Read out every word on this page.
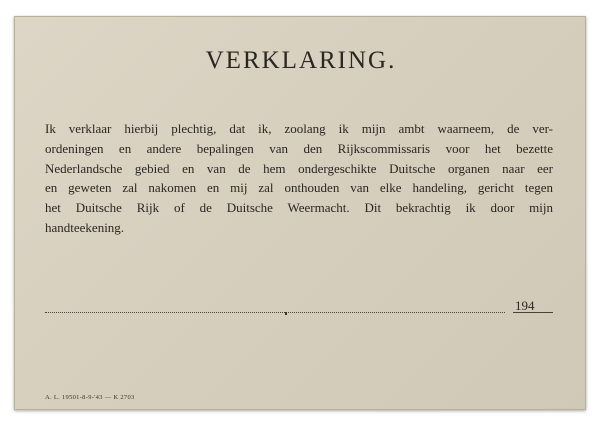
VERKLARING.
Ik verklaar hierbij plechtig, dat ik, zoolang ik mijn ambt waarneem, de ver-
ordeningen en andere bepalingen van den Rijkscommissaris voor het bezette
Nederlandsche gebied en van de hem ondergeschikte Duitsche organen naar eer
en geweten zal nakomen en mij zal onthouden van elke handeling, gericht tegen
het Duitsche Rijk of de Duitsche Weermacht. Dit bekrachtig ik door mijn
handteekening.
194
A. L. 19501-8-9-'43 — K 2703
